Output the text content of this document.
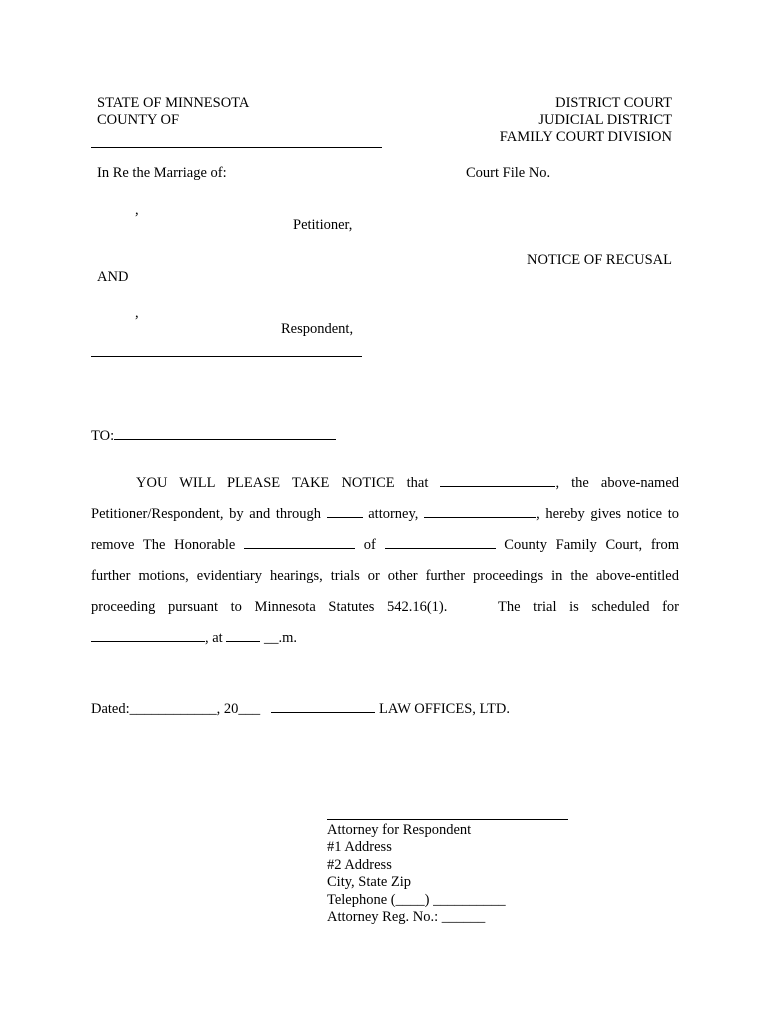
STATE OF MINNESOTA
COUNTY OF
DISTRICT COURT
JUDICIAL DISTRICT
FAMILY COURT DIVISION
In Re the Marriage of:	Court File No.
,
Petitioner,
NOTICE OF RECUSAL
AND
,
Respondent,
TO:
YOU WILL PLEASE TAKE NOTICE that	, the above-named
Petitioner/Respondent, by and through	attorney,	, hereby gives notice to
remove The Honorable	of	County Family Court, from
further motions, evidentiary hearings, trials or other further proceedings in the above-entitled
proceeding pursuant to Minnesota Statutes 542.16(1).    The trial is scheduled for
, at	__.m.
Dated:____________, 20___	LAW OFFICES, LTD.
Attorney for Respondent
#1 Address
#2 Address
City, State Zip
Telephone (____) __________
Attorney Reg. No.: ______
